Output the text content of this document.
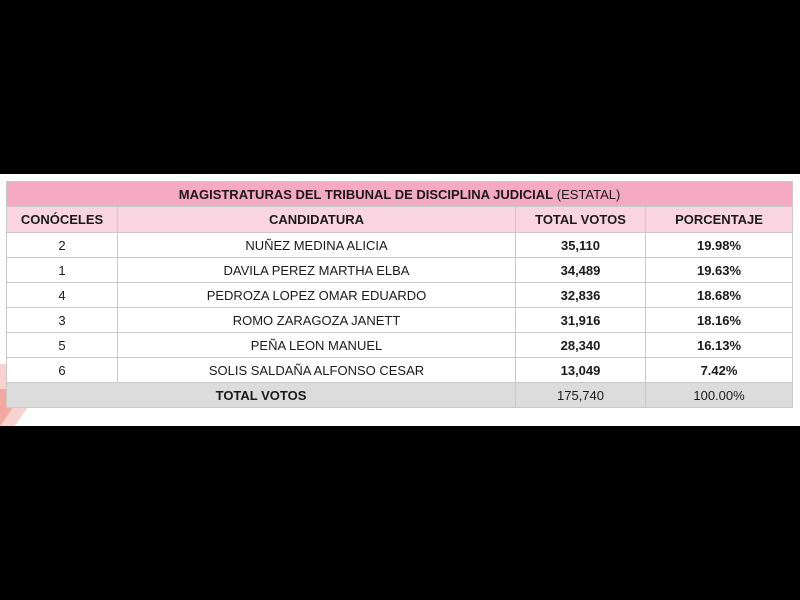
MAGISTRATURAS DEL TRIBUNAL DE DISCIPLINA JUDICIAL (ESTATAL)			
CONÓCELES	CANDIDATURA	TOTAL VOTOS	PORCENTAJE
2	NUÑEZ MEDINA ALICIA	35,110	19.98%
1	DAVILA PEREZ MARTHA ELBA	34,489	19.63%
4	PEDROZA LOPEZ OMAR EDUARDO	32,836	18.68%
3	ROMO ZARAGOZA JANETT	31,916	18.16%
5	PEÑA LEON MANUEL	28,340	16.13%
6	SOLIS SALDAÑA ALFONSO CESAR	13,049	7.42%
TOTAL VOTOS		175,740	100.00%
